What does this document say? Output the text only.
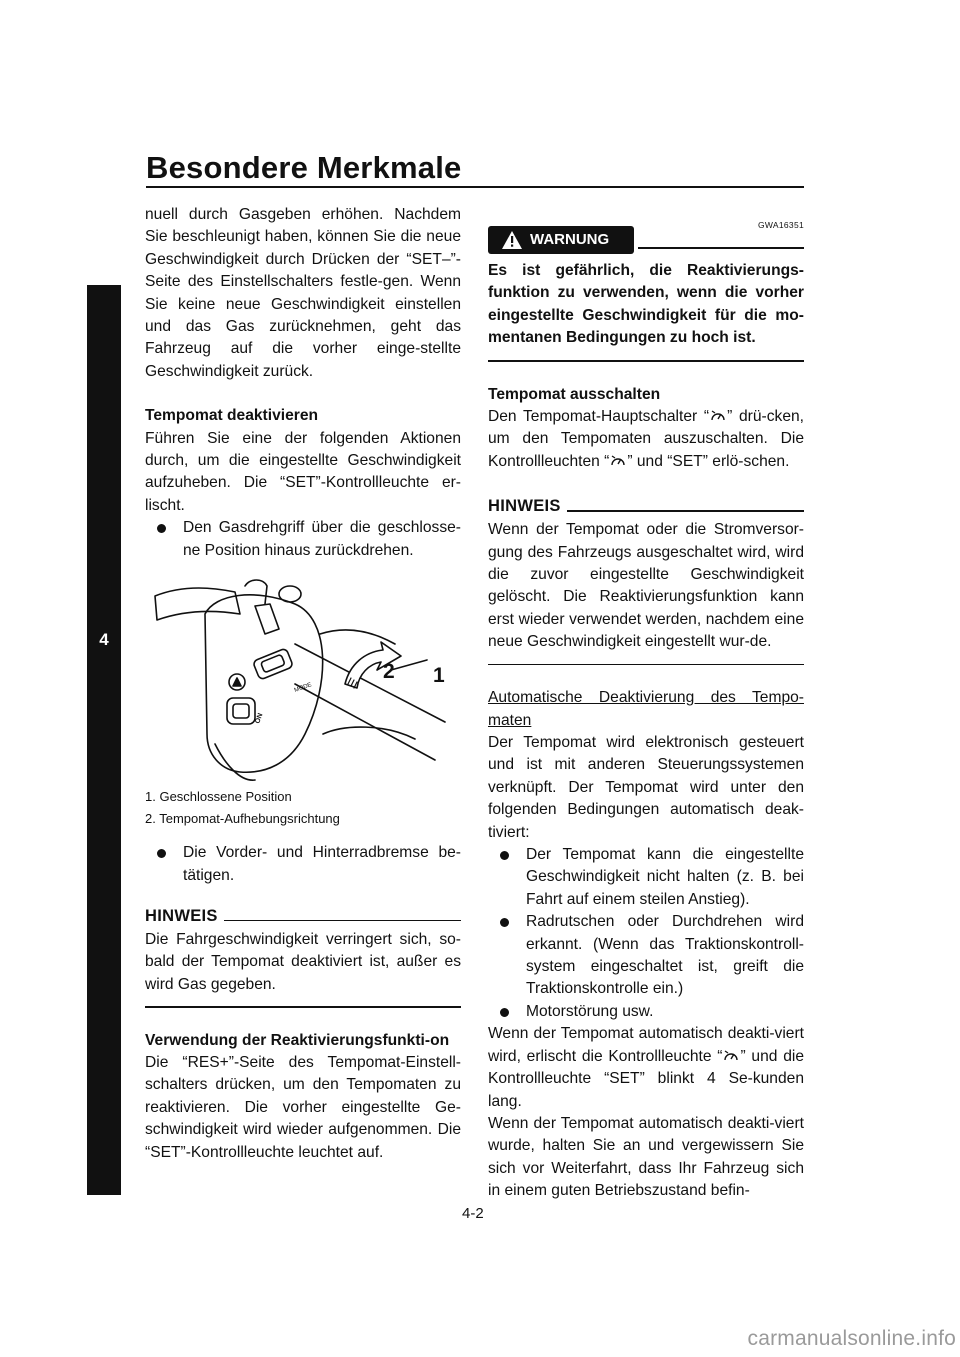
Besondere Merkmale
4

nuell durch Gasgeben erhöhen. Nachdem Sie beschleunigt haben, können Sie die neue Geschwindigkeit durch Drücken der “SET–”-Seite des Einstellschalters festle-gen. Wenn Sie keine neue Geschwindigkeit einstellen und das Gas zurücknehmen, geht das Fahrzeug auf die vorher einge-stellte Geschwindigkeit zurück.

Tempomat deaktivieren

Führen Sie eine der folgenden Aktionen durch, um die eingestellte Geschwindigkeit aufzuheben. Die “SET”-Kontrollleuchte er-lischt.

Den Gasdrehgriff über die geschlosse-ne Position hinaus zurückdrehen.
2 1
MODE
ON

1. Geschlossene Position

2. Tempomat-Aufhebungsrichtung

Die Vorder- und Hinterradbremse be-tätigen.
HINWEIS

Die Fahrgeschwindigkeit verringert sich, so-bald der Tempomat deaktiviert ist, außer es wird Gas gegeben.

Verwendung der Reaktivierungsfunkti-on

Die “RES+”-Seite des Tempomat-Einstell-schalters drücken, um den Tempomaten zu reaktivieren. Die vorher eingestellte Ge-schwindigkeit wird wieder aufgenommen. Die “SET”-Kontrollleuchte leuchtet auf.

GWA16351
WARNUNG

Es ist gefährlich, die Reaktivierungs-funktion zu verwenden, wenn die vorher eingestellte Geschwindigkeit für die mo-mentanen Bedingungen zu hoch ist.

Tempomat ausschalten

Den Tempomat-Hauptschalter “ ” drü-cken, um den Tempomaten auszuschalten. Die Kontrollleuchten “ ” und “SET” erlö-schen.

HINWEIS

Wenn der Tempomat oder die Stromversor-gung des Fahrzeugs ausgeschaltet wird, wird die zuvor eingestellte Geschwindigkeit gelöscht. Die Reaktivierungsfunktion kann erst wieder verwendet werden, nachdem eine neue Geschwindigkeit eingestellt wur-de.

Automatische Deaktivierung des Tempo-maten

Der Tempomat wird elektronisch gesteuert und ist mit anderen Steuerungssystemen verknüpft. Der Tempomat wird unter den folgenden Bedingungen automatisch deak-tiviert:

Der Tempomat kann die eingestellte Geschwindigkeit nicht halten (z. B. bei Fahrt auf einem steilen Anstieg).
Radrutschen oder Durchdrehen wird erkannt. (Wenn das Traktionskontroll-system eingeschaltet ist, greift die Traktionskontrolle ein.)
Motorstörung usw.

Wenn der Tempomat automatisch deakti-viert wird, erlischt die Kontrollleuchte “ ” und die Kontrollleuchte “SET” blinkt 4 Se-kunden lang.

Wenn der Tempomat automatisch deakti-viert wurde, halten Sie an und vergewissern Sie sich vor Weiterfahrt, dass Ihr Fahrzeug sich in einem guten Betriebszustand befin-

4-2
carmanualsonline.info
